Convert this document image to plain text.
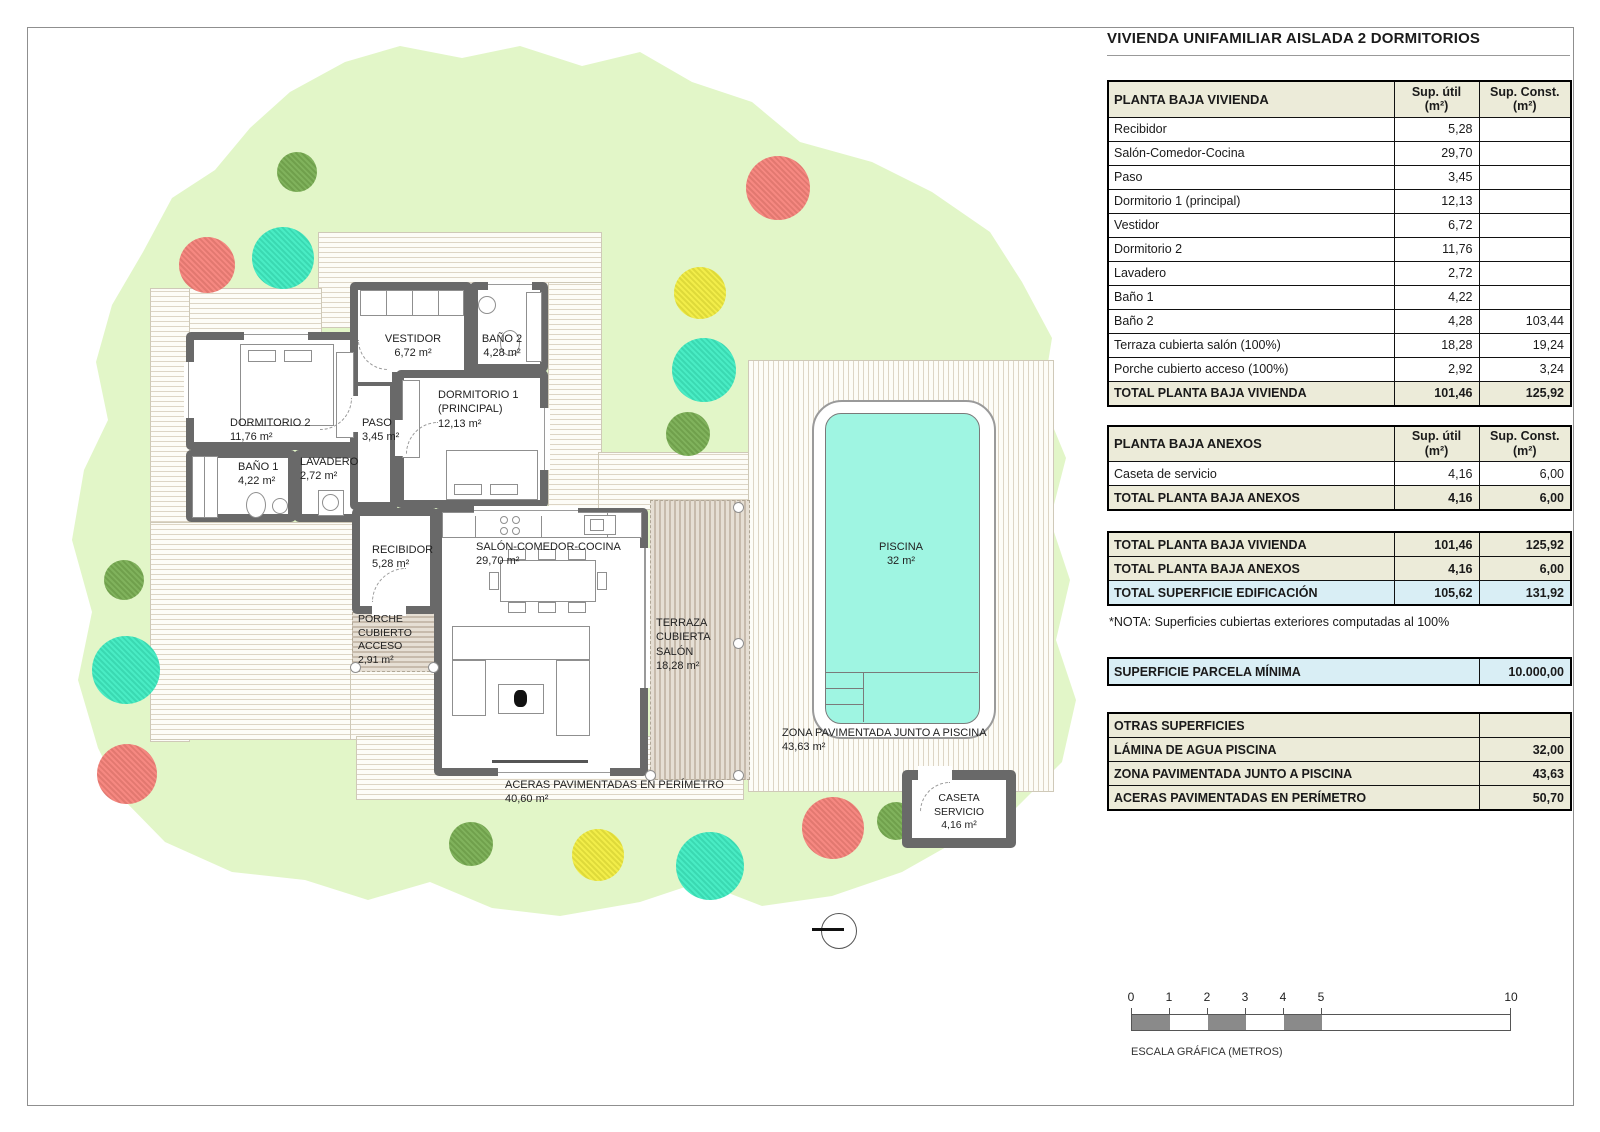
DORMITORIO 2
11,76 m²
VESTIDOR
6,72 m²
BAÑO 2
4,28 m²
DORMITORIO 1
(PRINCIPAL)
12,13 m²
PASO
3,45 m²
BAÑO 1
4,22 m²
LAVADERO
2,72 m²
RECIBIDOR
5,28 m²
SALÓN-COMEDOR-COCINA
29,70 m²
PORCHE
CUBIERTO
ACCESO
2,91 m²
TERRAZA
CUBIERTA
SALÓN
18,28 m²
ACERAS PAVIMENTADAS EN PERÍMETRO
40,60 m²
ZONA PAVIMENTADA JUNTO A PISCINA
43,63 m²
PISCINA
32 m²
CASETA
SERVICIO
4,16 m²
VIVIENDA UNIFAMILIAR AISLADA 2 DORMITORIOS
PLANTA BAJA VIVIENDA	Sup. útil
(m²)

Sup. Const.
(m²)

Recibidor	5,28	
Salón-Comedor-Cocina	29,70	
Paso	3,45	
Dormitorio 1 (principal)	12,13	
Vestidor	6,72	
Dormitorio 2	11,76	
Lavadero	2,72	
Baño 1	4,22	
Baño 2	4,28	103,44
Terraza cubierta salón (100%)	18,28	19,24
Porche cubierto acceso (100%)	2,92	3,24
TOTAL PLANTA BAJA VIVIENDA	101,46	125,92
PLANTA BAJA ANEXOS	Sup. útil
(m²)

Sup. Const.
(m²)

Caseta de servicio	4,16	6,00
TOTAL PLANTA BAJA ANEXOS	4,16	6,00
TOTAL PLANTA BAJA VIVIENDA	101,46	125,92
TOTAL PLANTA BAJA ANEXOS	4,16	6,00
TOTAL SUPERFICIE EDIFICACIÓN	105,62	131,92
*NOTA: Superficies cubiertas exteriores computadas al 100%
SUPERFICIE PARCELA MÍNIMA	10.000,00
OTRAS SUPERFICIES	
LÁMINA DE AGUA PISCINA	32,00
ZONA PAVIMENTADA JUNTO A PISCINA	43,63
ACERAS PAVIMENTADAS EN PERÍMETRO	50,70
0	1	2	3	4	5	10
ESCALA GRÁFICA (METROS)
